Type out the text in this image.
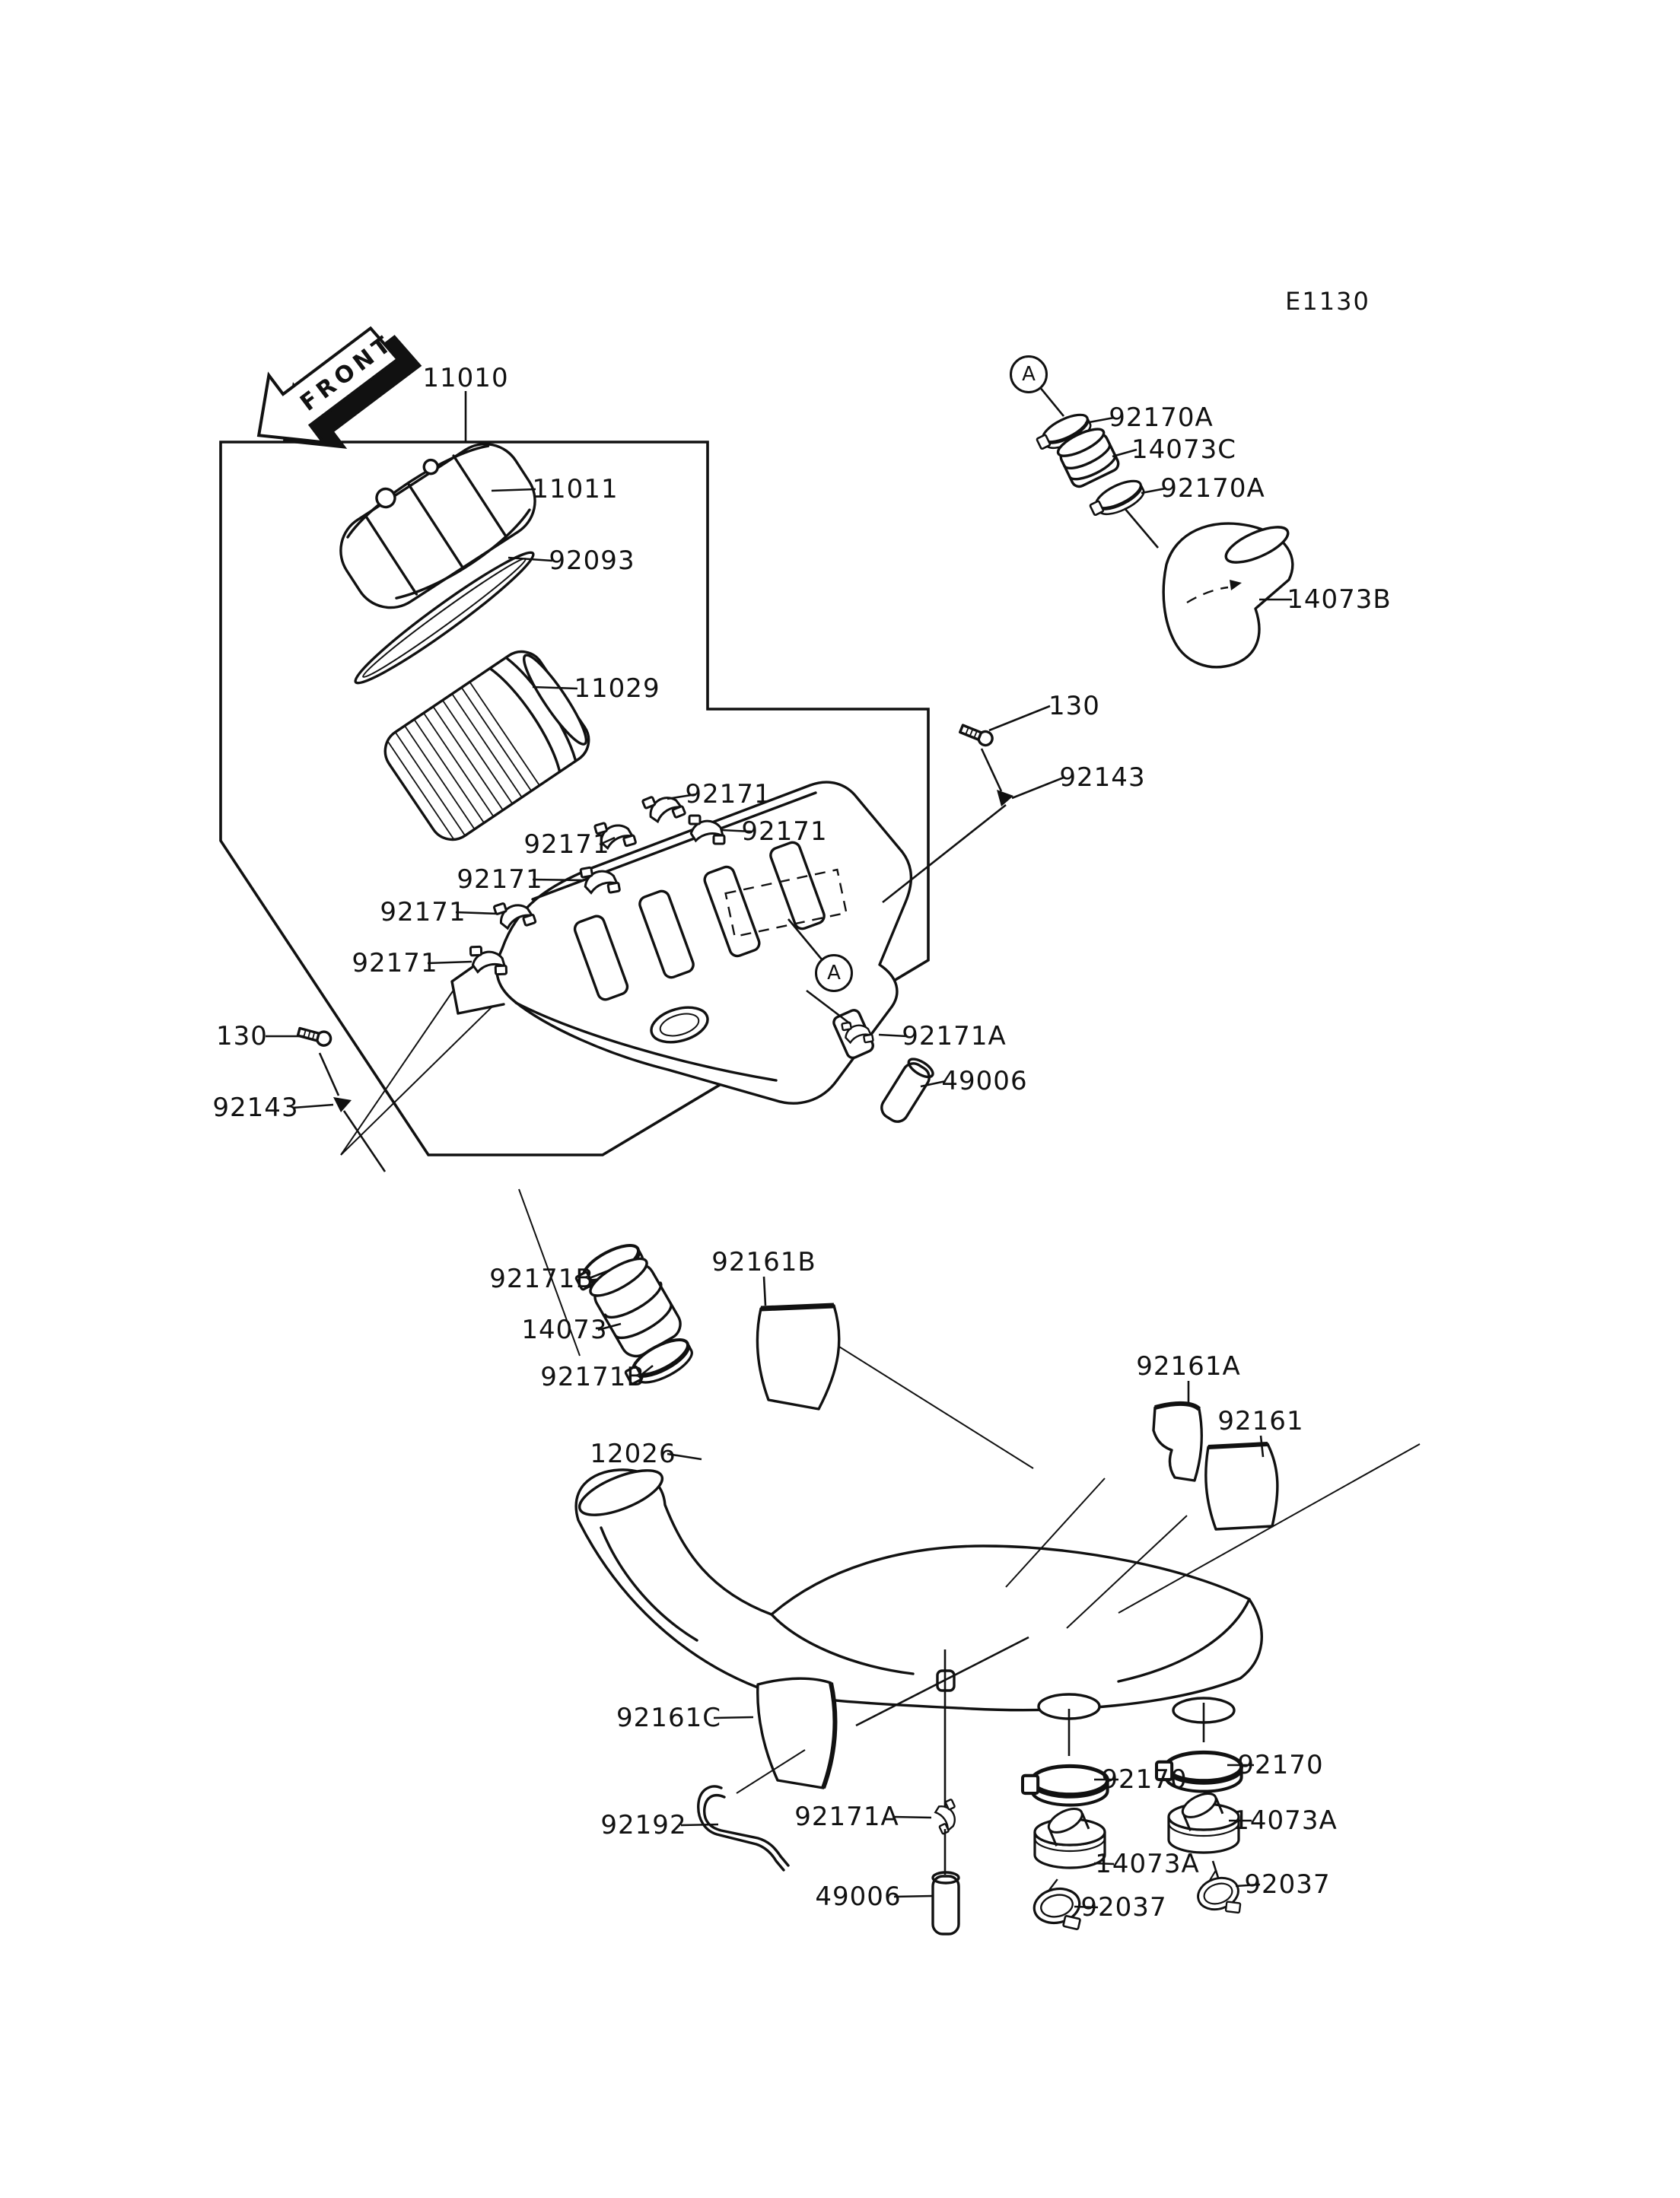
FRONT 11010
11011
92093
11029
92171
92171
92171
92171
92171
92171
130
92143
92170A
14073C
92170A
14073B
130
92143
92171A
49006
92171B
14073
92171B
92161B
12026
92161A
92161
92161C
92192	92171A
49006
92170
14073A
92037
92170
14073A
92037
A
A
E1130
